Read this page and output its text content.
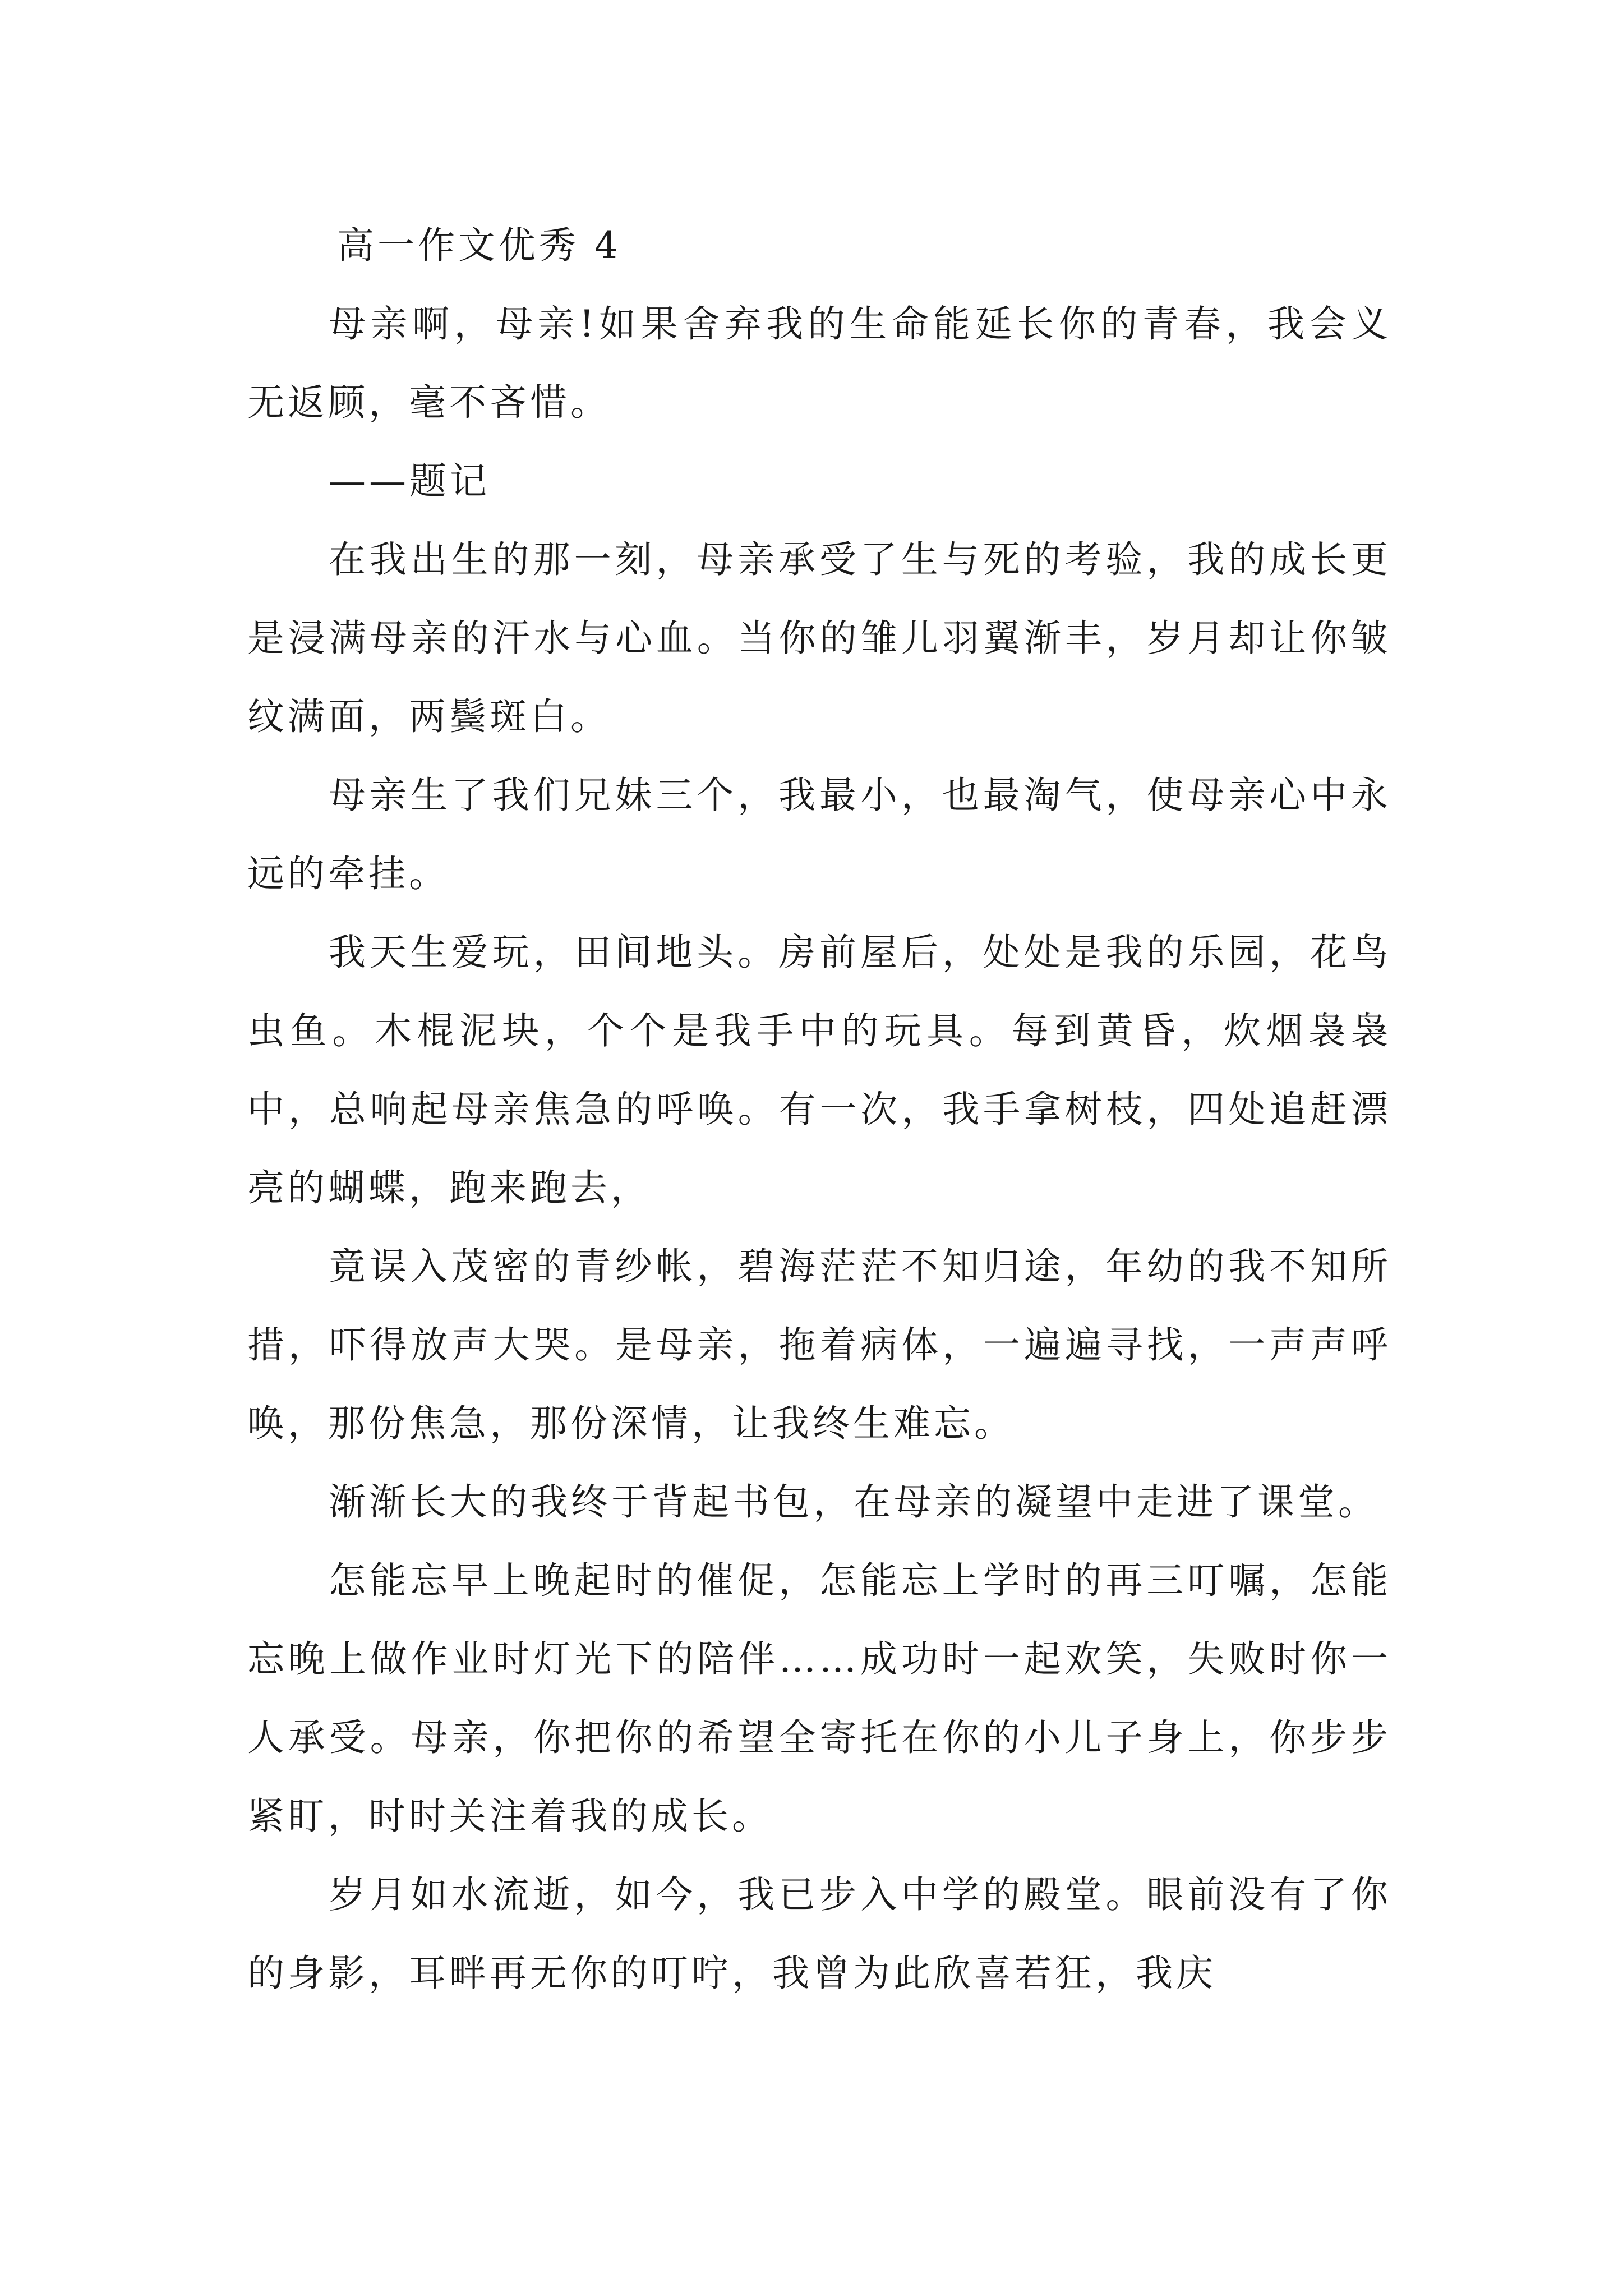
高一作文优秀 4

母亲啊，母亲!如果舍弃我的生命能延长你的青春，我会义无返顾，毫不吝惜。

——题记

在我出生的那一刻，母亲承受了生与死的考验，我的成长更是浸满母亲的汗水与心血。当你的雏儿羽翼渐丰，岁月却让你皱纹满面，两鬓斑白。

母亲生了我们兄妹三个，我最小，也最淘气，使母亲心中永远的牵挂。

我天生爱玩，田间地头。房前屋后，处处是我的乐园，花鸟虫鱼。木棍泥块，个个是我手中的玩具。每到黄昏，炊烟袅袅中，总响起母亲焦急的呼唤。有一次，我手拿树枝，四处追赶漂亮的蝴蝶，跑来跑去，

竟误入茂密的青纱帐，碧海茫茫不知归途，年幼的我不知所措，吓得放声大哭。是母亲，拖着病体，一遍遍寻找，一声声呼唤，那份焦急，那份深情，让我终生难忘。

渐渐长大的我终于背起书包，在母亲的凝望中走进了课堂。

怎能忘早上晚起时的催促，怎能忘上学时的再三叮嘱，怎能忘晚上做作业时灯光下的陪伴……成功时一起欢笑，失败时你一人承受。母亲，你把你的希望全寄托在你的小儿子身上，你步步紧盯，时时关注着我的成长。

岁月如水流逝，如今，我已步入中学的殿堂。眼前没有了你的身影，耳畔再无你的叮咛，我曾为此欣喜若狂，我庆
